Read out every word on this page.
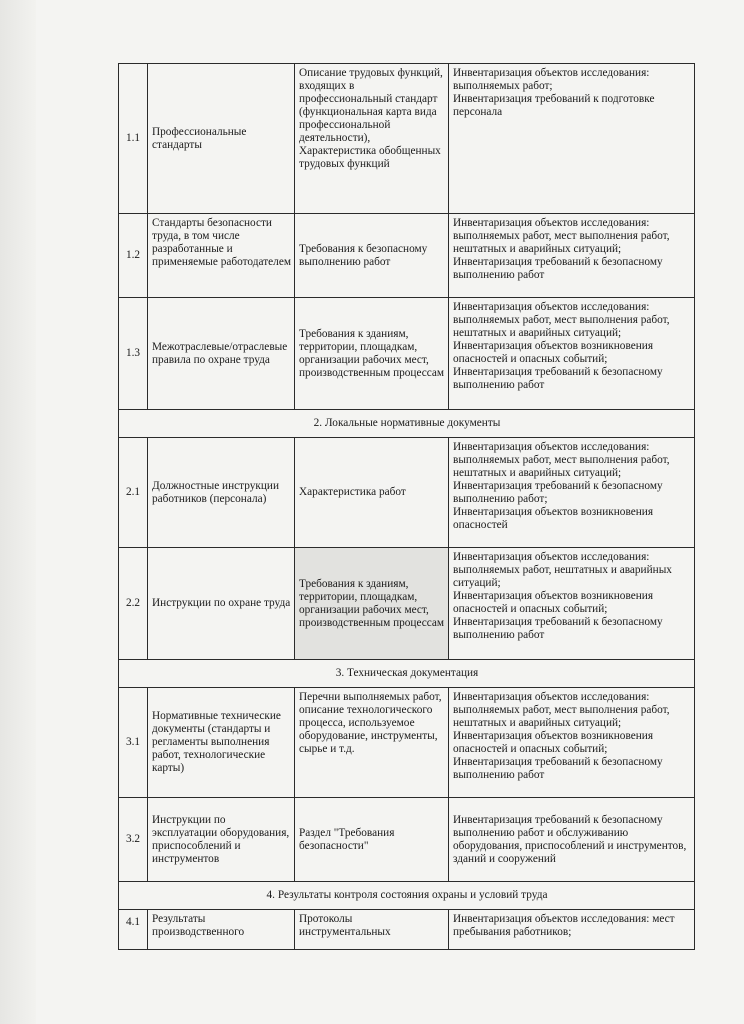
1.1	Профессиональные стандарты	Описание трудовых функций, входящих в профессиональный стандарт (функциональная карта вида профессиональной деятельности), Характеристика обобщенных трудовых функций	Инвентаризация объектов исследования: выполняемых работ;
Инвентаризация требований к подготовке персонала

1.2	Стандарты безопасности труда, в том числе разработанные и применяемые работодателем	Требования к безопасному выполнению работ	Инвентаризация объектов исследования: выполняемых работ, мест выполнения работ, нештатных и аварийных ситуаций;
Инвентаризация требований к безопасному выполнению работ

1.3	Межотраслевые/отраслевые правила по охране труда	Требования к зданиям, территории, площадкам, организации рабочих мест, производственным процессам	Инвентаризация объектов исследования: выполняемых работ, мест выполнения работ, нештатных и аварийных ситуаций;
Инвентаризация объектов возникновения опасностей и опасных событий;
Инвентаризация требований к безопасному выполнению работ

2. Локальные нормативные документы			
2.1	Должностные инструкции работников (персонала)	Характеристика работ	Инвентаризация объектов исследования: выполняемых работ, мест выполнения работ, нештатных и аварийных ситуаций;
Инвентаризация требований к безопасному выполнению работ;
Инвентаризация объектов возникновения опасностей

2.2	Инструкции по охране труда	Требования к зданиям, территории, площадкам, организации рабочих мест, производственным процессам	Инвентаризация объектов исследования: выполняемых работ, нештатных и аварийных ситуаций;
Инвентаризация объектов возникновения опасностей и опасных событий;
Инвентаризация требований к безопасному выполнению работ

3. Техническая документация			
3.1	Нормативные технические документы (стандарты и регламенты выполнения работ, технологические карты)	Перечни выполняемых работ, описание технологического процесса, используемое оборудование, инструменты, сырье и т.д.	Инвентаризация объектов исследования: выполняемых работ, мест выполнения работ, нештатных и аварийных ситуаций;
Инвентаризация объектов возникновения опасностей и опасных событий;
Инвентаризация требований к безопасному выполнению работ

3.2	Инструкции по эксплуатации оборудования, приспособлений и инструментов	Раздел "Требования безопасности"	Инвентаризация требований к безопасному выполнению работ и обслуживанию оборудования, приспособлений и инструментов, зданий и сооружений

4. Результаты контроля состояния охраны и условий труда			
4.1	Результаты производственного	Протоколы инструментальных	Инвентаризация объектов исследования: мест пребывания работников;
